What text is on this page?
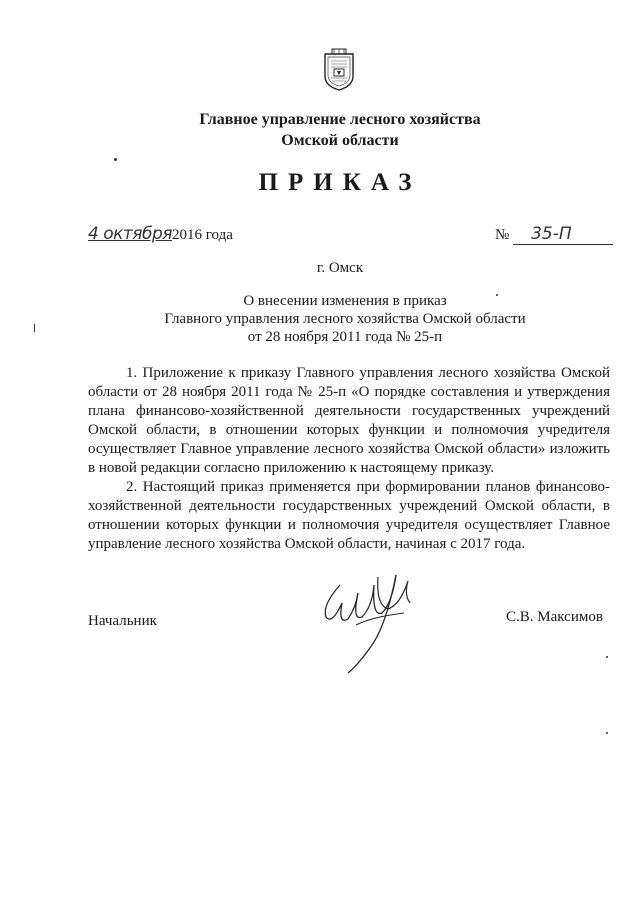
Главное управление лесного хозяйства
Омской области
ПРИКАЗ
4 октября2016 года	№ 35-П
г. Омск
О внесении изменения в приказ
Главного управления лесного хозяйства Омской области
от 28 ноября 2011 года № 25-п

1. Приложение к приказу Главного управления лесного хозяйства Омской области от 28 ноября 2011 года № 25-п «О порядке составления и утверждения плана финансово-хозяйственной деятельности государственных учреждений Омской области, в отношении которых функции и полномочия учредителя осуществляет Главное управление лесного хозяйства Омской области» изложить в новой редакции согласно приложению к настоящему приказу.

2. Настоящий приказ применяется при формировании планов финансово-хозяйственной деятельности государственных учреждений Омской области, в отношении которых функции и полномочия учредителя осуществляет Главное управление лесного хозяйства Омской области, начиная с 2017 года.

Начальник	С.В. Максимов
